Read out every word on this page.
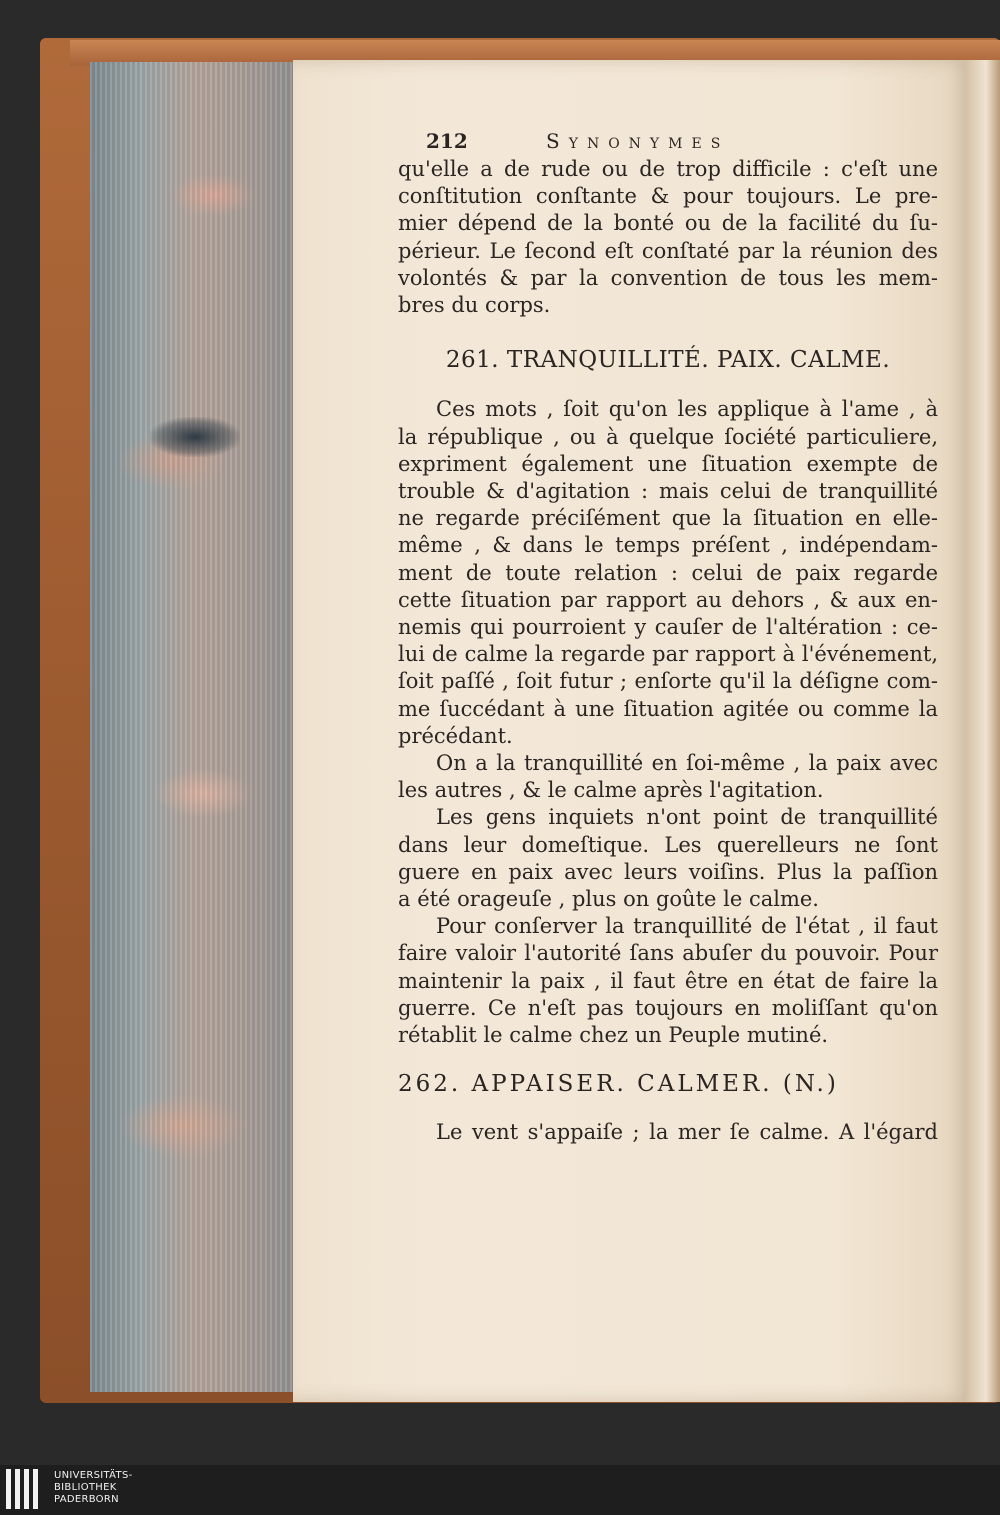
212	Synonymes
qu'elle a de rude ou de trop difficile : c'eſt une
conſtitution conſtante & pour toujours. Le pre-
mier dépend de la bonté ou de la facilité du ſu-
périeur. Le ſecond eſt conſtaté par la réunion des
volontés & par la convention de tous les mem-
bres du corps.
261. TRANQUILLITÉ. PAIX. CALME.
Ces mots , ſoit qu'on les applique à l'ame , à
la république , ou à quelque ſociété particuliere,
expriment également une ſituation exempte de
trouble & d'agitation : mais celui de tranquillité
ne regarde préciſément que la ſituation en elle-
même , & dans le temps préſent , indépendam-
ment de toute relation : celui de paix regarde
cette ſituation par rapport au dehors , & aux en-
nemis qui pourroient y cauſer de l'altération : ce-
lui de calme la regarde par rapport à l'événement,
ſoit paſſé , ſoit futur ; enſorte qu'il la déſigne com-
me ſuccédant à une ſituation agitée ou comme la
précédant.
On a la tranquillité en ſoi-même , la paix avec
les autres , & le calme après l'agitation.
Les gens inquiets n'ont point de tranquillité
dans leur domeſtique. Les querelleurs ne ſont
guere en paix avec leurs voiſins. Plus la paſſion
a été orageuſe , plus on goûte le calme.
Pour conſerver la tranquillité de l'état , il faut
faire valoir l'autorité ſans abuſer du pouvoir. Pour
maintenir la paix , il faut être en état de faire la
guerre. Ce n'eſt pas toujours en moliſſant qu'on
rétablit le calme chez un Peuple mutiné.
262. APPAISER. CALMER. (N.)
Le vent s'appaiſe ; la mer ſe calme. A l'égard
UNIVERSITÄTS-
BIBLIOTHEK
PADERBORN
